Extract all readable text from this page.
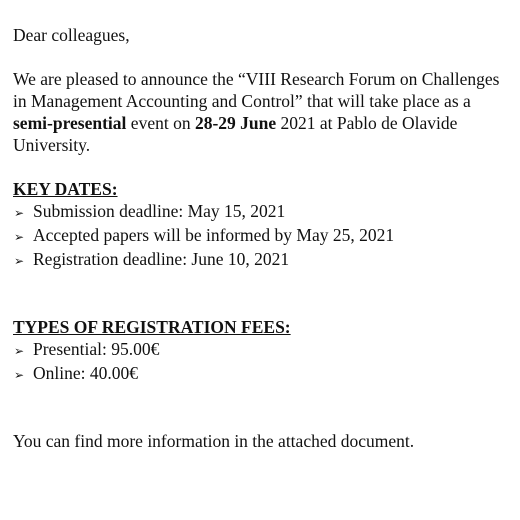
Dear colleagues,

We are pleased to announce the “VIII Research Forum on Challenges in Management Accounting and Control” that will take place as a semi-presential event on 28-29 June 2021 at Pablo de Olavide University.

KEY DATES:

➢ Submission deadline: May 15, 2021
➢ Accepted papers will be informed by May 25, 2021
➢ Registration deadline: June 10, 2021

TYPES OF REGISTRATION FEES:

➢ Presential: 95.00€
➢ Online: 40.00€

You can find more information in the attached document.
